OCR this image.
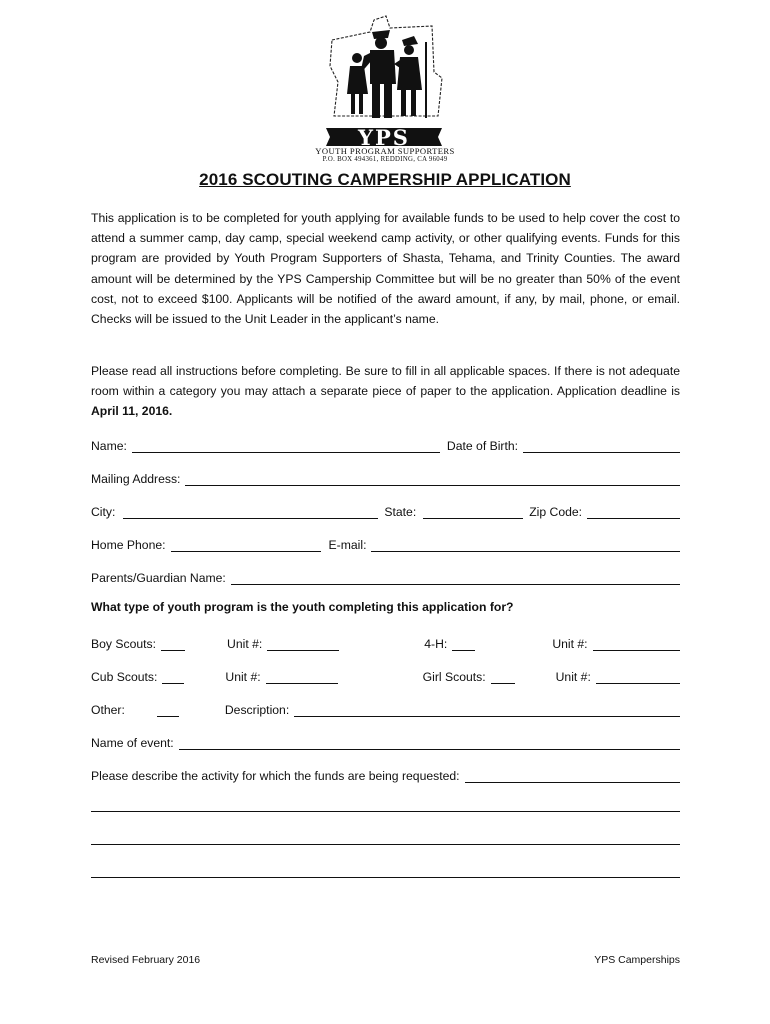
YPS
YOUTH PROGRAM SUPPORTERS
P.O. BOX 494361, REDDING, CA 96049
2016 SCOUTING CAMPERSHIP APPLICATION

This application is to be completed for youth applying for available funds to be used to help cover the cost to attend a summer camp, day camp, special weekend camp activity, or other qualifying events. Funds for this program are provided by Youth Program Supporters of Shasta, Tehama, and Trinity Counties. The award amount will be determined by the YPS Campership Committee but will be no greater than 50% of the event cost, not to exceed $100. Applicants will be notified of the award amount, if any, by mail, phone, or email. Checks will be issued to the Unit Leader in the applicant’s name.

Please read all instructions before completing. Be sure to fill in all applicable spaces. If there is not adequate room within a category you may attach a separate piece of paper to the application. Application deadline is April 11, 2016.

Name:	Date of Birth:
Mailing Address:
City:	State:	Zip Code:
Home Phone:	E-mail:
Parents/Guardian Name:
What type of youth program is the youth completing this application for?
Boy Scouts:	Unit #:	4-H:	Unit #:
Cub Scouts:	Unit #:	Girl Scouts:	Unit #:
Other:	Description:
Name of event:
Please describe the activity for which the funds are being requested:
Revised February 2016	YPS Camperships
